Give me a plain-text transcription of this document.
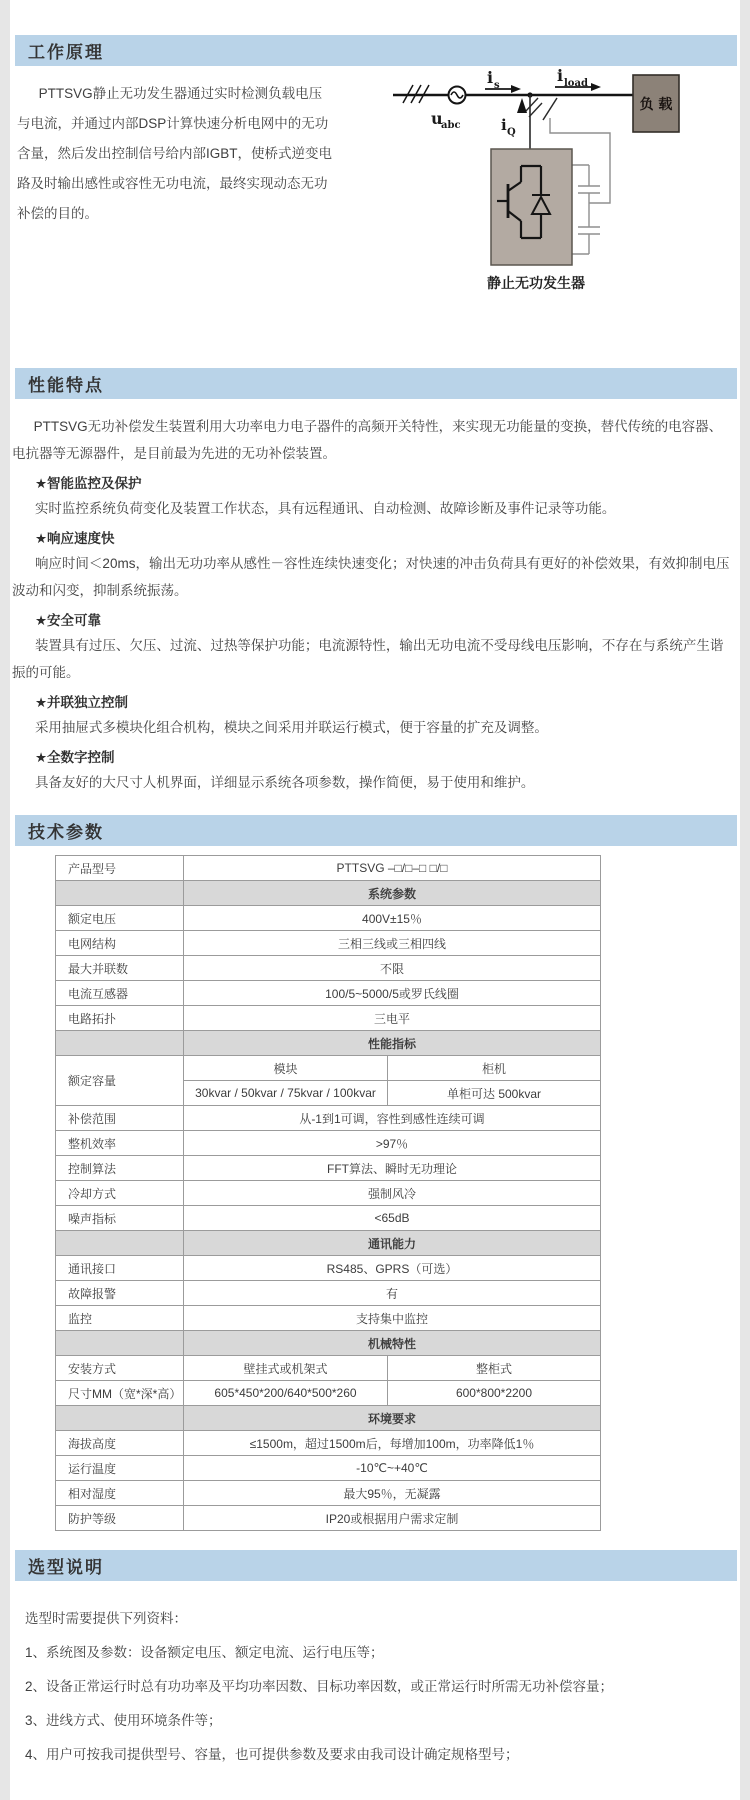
工作原理

PTTSVG静止无功发生器通过实时检测负载电压与电流，并通过内部DSP计算快速分析电网中的无功含量，然后发出控制信号给内部IGBT，使桥式逆变电路及时输出感性或容性无功电流，最终实现动态无功补偿的目的。

u
abc
i s
i load
i Q
负 载
静止无功发生器
性能特点

PTTSVG无功补偿发生装置利用大功率电力电子器件的高频开关特性，来实现无功能量的变换，替代传统的电容器、电抗器等无源器件，是目前最为先进的无功补偿装置。

★智能监控及保护
实时监控系统负荷变化及装置工作状态，具有远程通讯、自动检测、故障诊断及事件记录等功能。
★响应速度快
响应时间＜20ms，输出无功功率从感性－容性连续快速变化；对快速的冲击负荷具有更好的补偿效果，有效抑制电压波动和闪变，抑制系统振荡。
★安全可靠
装置具有过压、欠压、过流、过热等保护功能；电流源特性，输出无功电流不受母线电压影响，不存在与系统产生谐振的可能。
★并联独立控制
采用抽屉式多模块化组合机构，模块之间采用并联运行模式，便于容量的扩充及调整。
★全数字控制
具备友好的大尺寸人机界面，详细显示系统各项参数，操作简便，易于使用和维护。
技术参数
产品型号	PTTSVG –□/□–□ □/□	
	系统参数	
额定电压	400V±15％	
电网结构	三相三线或三相四线	
最大并联数	不限	
电流互感器	100/5~5000/5或罗氏线圈	
电路拓扑	三电平	
	性能指标	
额定容量	模块	柜机
	30kvar / 50kvar / 75kvar / 100kvar	单柜可达 500kvar
补偿范围	从-1到1可调，容性到感性连续可调	
整机效率	>97％	
控制算法	FFT算法、瞬时无功理论	
冷却方式	强制风冷	
噪声指标	<65dB	
	通讯能力	
通讯接口	RS485、GPRS（可选）	
故障报警	有	
监控	支持集中监控	
	机械特性	
安装方式	壁挂式或机架式	整柜式
尺寸MM（宽*深*高）	605*450*200/640*500*260	600*800*2200
	环境要求	
海拔高度	≤1500m，超过1500m后，每增加100m，功率降低1％	
运行温度	-10℃~+40℃	
相对湿度	最大95％，无凝露	
防护等级	IP20或根据用户需求定制	
选型说明

选型时需要提供下列资料：

1、系统图及参数：设备额定电压、额定电流、运行电压等；

2、设备正常运行时总有功功率及平均功率因数、目标功率因数，或正常运行时所需无功补偿容量；

3、进线方式、使用环境条件等；

4、用户可按我司提供型号、容量，也可提供参数及要求由我司设计确定规格型号；
